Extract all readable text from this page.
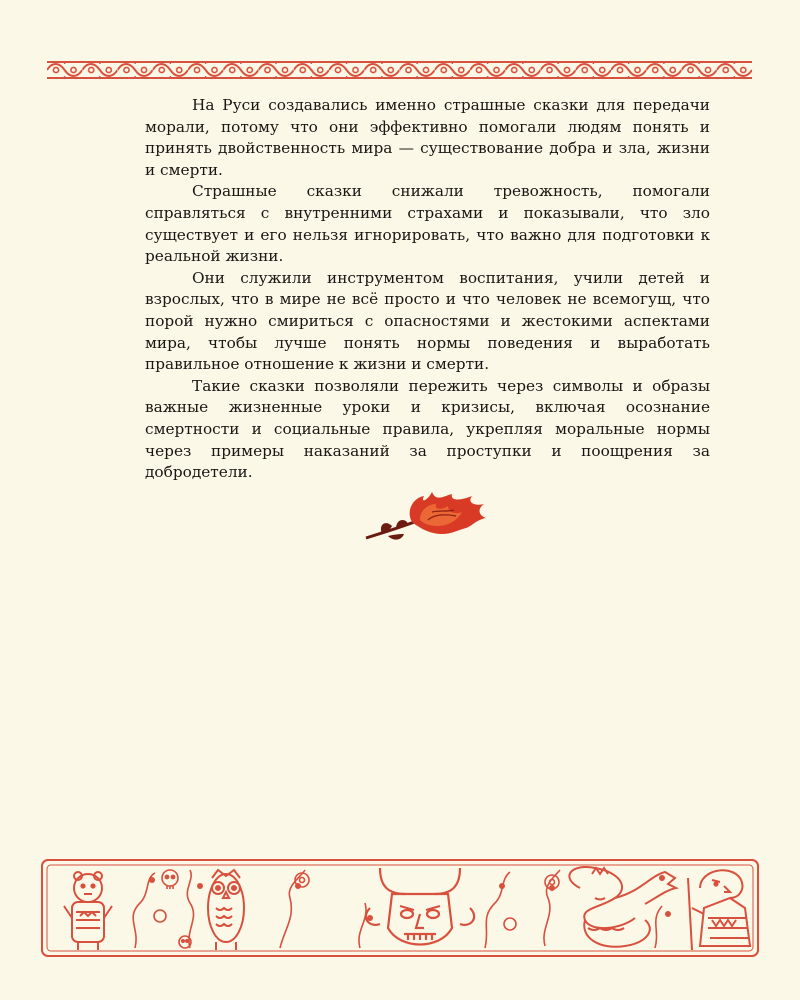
На Руси создавались именно страшные сказки для передачи морали, потому что они эффективно помогали людям понять и принять двойственность мира — существование добра и зла, жизни и смерти.

Страшные сказки снижали тревожность, помогали справляться с внутренними страхами и показывали, что зло существует и его нельзя игнорировать, что важно для подготовки к реальной жизни.

Они служили инструментом воспитания, учили детей и взрослых, что в мире не всё просто и что человек не всемогущ, что порой нужно смириться с опасностями и жестокими аспектами мира, чтобы лучше понять нормы поведения и выработать правильное отношение к жизни и смерти.

Такие сказки позволяли пережить через символы и образы важные жизненные уроки и кризисы, включая осознание смертности и социальные правила, укрепляя моральные нормы через примеры наказаний за проступки и поощрения за добродетели.
